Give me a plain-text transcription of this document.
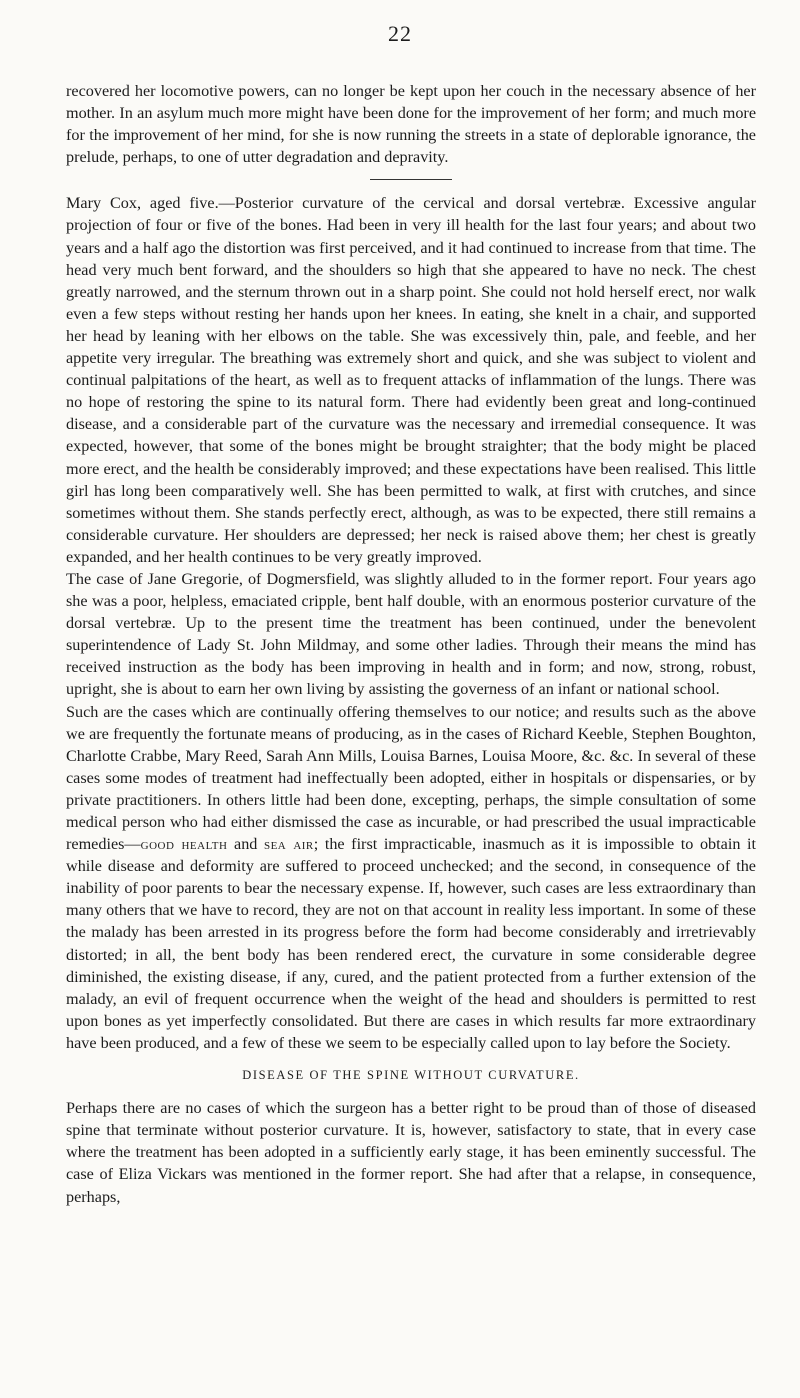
22

recovered her locomotive powers, can no longer be kept upon her couch in the necessary absence of her mother. In an asylum much more might have been done for the improvement of her form; and much more for the improvement of her mind, for she is now running the streets in a state of deplorable ignorance, the prelude, perhaps, to one of utter degradation and depravity.

Mary Cox, aged five.—Posterior curvature of the cervical and dorsal vertebræ. Excessive angular projection of four or five of the bones. Had been in very ill health for the last four years; and about two years and a half ago the distortion was first perceived, and it had continued to increase from that time. The head very much bent forward, and the shoulders so high that she appeared to have no neck. The chest greatly narrowed, and the sternum thrown out in a sharp point. She could not hold herself erect, nor walk even a few steps without resting her hands upon her knees. In eating, she knelt in a chair, and supported her head by leaning with her elbows on the table. She was excessively thin, pale, and feeble, and her appetite very irregular. The breathing was extremely short and quick, and she was subject to violent and continual palpitations of the heart, as well as to frequent attacks of inflammation of the lungs. There was no hope of restoring the spine to its natural form. There had evidently been great and long-continued disease, and a considerable part of the curvature was the necessary and irremedial consequence. It was expected, however, that some of the bones might be brought straighter; that the body might be placed more erect, and the health be considerably improved; and these expectations have been realised. This little girl has long been comparatively well. She has been permitted to walk, at first with crutches, and since sometimes without them. She stands perfectly erect, although, as was to be expected, there still remains a considerable curvature. Her shoulders are depressed; her neck is raised above them; her chest is greatly expanded, and her health continues to be very greatly improved.

The case of Jane Gregorie, of Dogmersfield, was slightly alluded to in the former report. Four years ago she was a poor, helpless, emaciated cripple, bent half double, with an enormous posterior curvature of the dorsal vertebræ. Up to the present time the treatment has been continued, under the benevolent superintendence of Lady St. John Mildmay, and some other ladies. Through their means the mind has received instruction as the body has been improving in health and in form; and now, strong, robust, upright, she is about to earn her own living by assisting the governess of an infant or national school.

Such are the cases which are continually offering themselves to our notice; and results such as the above we are frequently the fortunate means of producing, as in the cases of Richard Keeble, Stephen Boughton, Charlotte Crabbe, Mary Reed, Sarah Ann Mills, Louisa Barnes, Louisa Moore, &c. &c. In several of these cases some modes of treatment had ineffectually been adopted, either in hospitals or dispensaries, or by private practitioners. In others little had been done, excepting, perhaps, the simple consultation of some medical person who had either dismissed the case as incurable, or had prescribed the usual impracticable remedies—good health and sea air; the first impracticable, inasmuch as it is impossible to obtain it while disease and deformity are suffered to proceed unchecked; and the second, in consequence of the inability of poor parents to bear the necessary expense. If, however, such cases are less extraordinary than many others that we have to record, they are not on that account in reality less important. In some of these the malady has been arrested in its progress before the form had become considerably and irretrievably distorted; in all, the bent body has been rendered erect, the curvature in some considerable degree diminished, the existing disease, if any, cured, and the patient protected from a further extension of the malady, an evil of frequent occurrence when the weight of the head and shoulders is permitted to rest upon bones as yet imperfectly consolidated. But there are cases in which results far more extraordinary have been produced, and a few of these we seem to be especially called upon to lay before the Society.

DISEASE OF THE SPINE WITHOUT CURVATURE.

Perhaps there are no cases of which the surgeon has a better right to be proud than of those of diseased spine that terminate without posterior curvature. It is, however, satisfactory to state, that in every case where the treatment has been adopted in a sufficiently early stage, it has been eminently successful. The case of Eliza Vickars was mentioned in the former report. She had after that a relapse, in consequence, perhaps,
